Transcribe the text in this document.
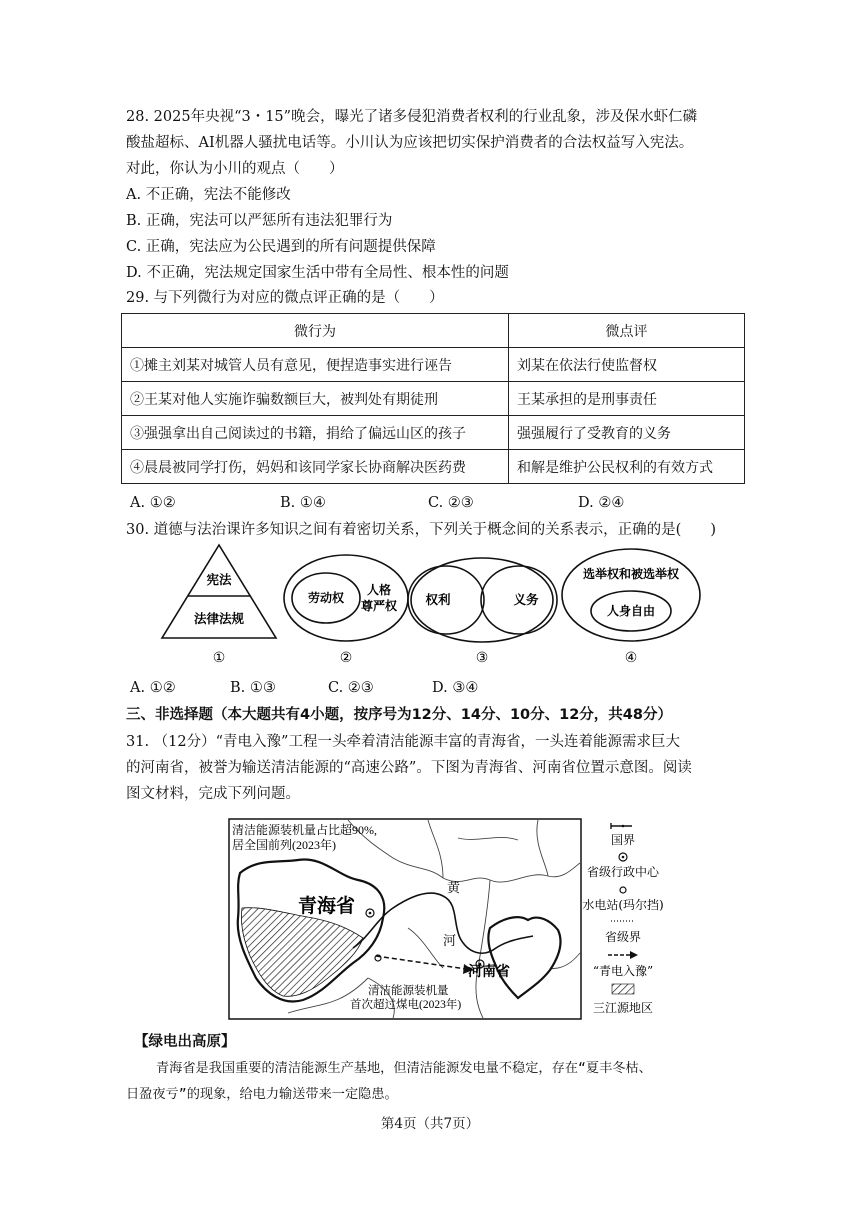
28. 2025年央视“3・15”晚会，曝光了诸多侵犯消费者权利的行业乱象，涉及保水虾仁磷
酸盐超标、AI机器人骚扰电话等。小川认为应该把切实保护消费者的合法权益写入宪法。
对此，你认为小川的观点（　　）
A. 不正确，宪法不能修改
B. 正确，宪法可以严惩所有违法犯罪行为
C. 正确，宪法应为公民遇到的所有问题提供保障
D. 不正确，宪法规定国家生活中带有全局性、根本性的问题
29. 与下列微行为对应的微点评正确的是（　　）
微行为	微点评
①摊主刘某对城管人员有意见，便捏造事实进行诬告	刘某在依法行使监督权
②王某对他人实施诈骗数额巨大，被判处有期徒刑	王某承担的是刑事责任
③强强拿出自己阅读过的书籍，捐给了偏远山区的孩子	强强履行了受教育的义务
④晨晨被同学打伤，妈妈和该同学家长协商解决医药费	和解是维护公民权利的有效方式
A. ①②	B. ①④	C. ②③	D. ②④
30. 道德与法治课许多知识之间有着密切关系，下列关于概念间的关系表示，正确的是(　　)
宪法
法律法规
①
劳动权
人格
尊严权
②
权利	义务
③
选举权和被选举权
人身自由
④
A. ①②	B. ①③	C. ②③	D. ③④
三、非选择题（本大题共有4小题，按序号为12分、14分、10分、12分，共48分）
31. （12分）“青电入豫”工程一头牵着清洁能源丰富的青海省，一头连着能源需求巨大
的河南省，被誉为输送清洁能源的“高速公路”。下图为青海省、河南省位置示意图。阅读
图文材料，完成下列问题。
清洁能源装机量占比超90%,
居全国前列(2023年)
青海省
河南省
黄
河
清洁能源装机量
首次超过煤电(2023年)
国界
省级行政中心
水电站(玛尔挡)
省级界
“青电入豫”
三江源地区
【绿电出高原】
青海省是我国重要的清洁能源生产基地，但清洁能源发电量不稳定，存在“夏丰冬枯、
日盈夜亏”的现象，给电力输送带来一定隐患。
第4页（共7页）
